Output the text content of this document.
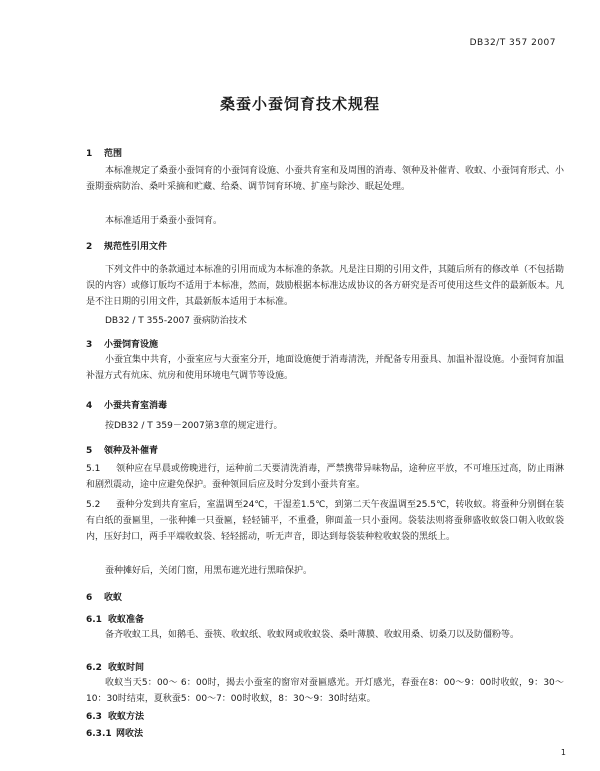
DB32/T 357 2007
桑蚕小蚕饲育技术规程
1 范围
本标准规定了桑蚕小蚕饲育的小蚕饲育设施、小蚕共育室和及周围的消毒、领种及补催青、收蚁、小蚕饲育形式、小蚕期蚕病防治、桑叶采摘和贮藏、给桑、调节饲育环境、扩座与除沙、眠起处理。
本标准适用于桑蚕小蚕饲育。
2 规范性引用文件
下列文件中的条款通过本标准的引用而成为本标准的条款。凡是注日期的引用文件，其随后所有的修改单（不包括勘误的内容）或修订版均不适用于本标准，然而，鼓励根据本标准达成协议的各方研究是否可使用这些文件的最新版本。凡是不注日期的引用文件，其最新版本适用于本标准。
DB32 / T 355-2007 蚕病防治技术
3 小蚕饲育设施
小蚕宜集中共育，小蚕室应与大蚕室分开，地面设施便于消毒清洗，并配备专用蚕具、加温补湿设施。小蚕饲育加温补湿方式有炕床、炕房和使用环境电气调节等设施。
4 小蚕共育室消毒
按DB32 / T 359－2007第3章的规定进行。
5 领种及补催青
5.1 领种应在早晨或傍晚进行，运种前二天要清洗消毒，严禁携带异味物品，途种应平放，不可堆压过高，防止雨淋和剧烈震动，途中应避免保护。蚕种领回后应及时分发到小蚕共育室。
5.2 蚕种分发到共育室后，室温调至24℃，干湿差1.5℃，到第二天午夜温调至25.5℃，转收蚁。将蚕种分别倒在装有白纸的蚕匾里，一张种摊一只蚕匾，轻轻铺平，不重叠，卵面盖一只小蚕网。袋装法则将蚕卵盛收蚁袋口朝入收蚁袋内，压好封口，两手平端收蚁袋、轻轻摇动，听无声音，即达到每袋装种粒收蚁袋的黑纸上。
蚕种摊好后，关闭门窗，用黑布遮光进行黑暗保护。
6 收蚁
6.1 收蚁准备
备齐收蚁工具，如鹅毛、蚕筷、收蚁纸、收蚁网或收蚁袋、桑叶薄膜、收蚁用桑、切桑刀以及防僵粉等。
6.2 收蚁时间
收蚁当天5：00～ 6：00时，揭去小蚕室的窗帘对蚕匾感光。开灯感光，春蚕在8：00～9：00时收蚁，9：30～10：30时结束，夏秋蚕5：00～7：00时收蚁，8：30～9：30时结束。
6.3 收蚁方法
6.3.1 网收法
1
